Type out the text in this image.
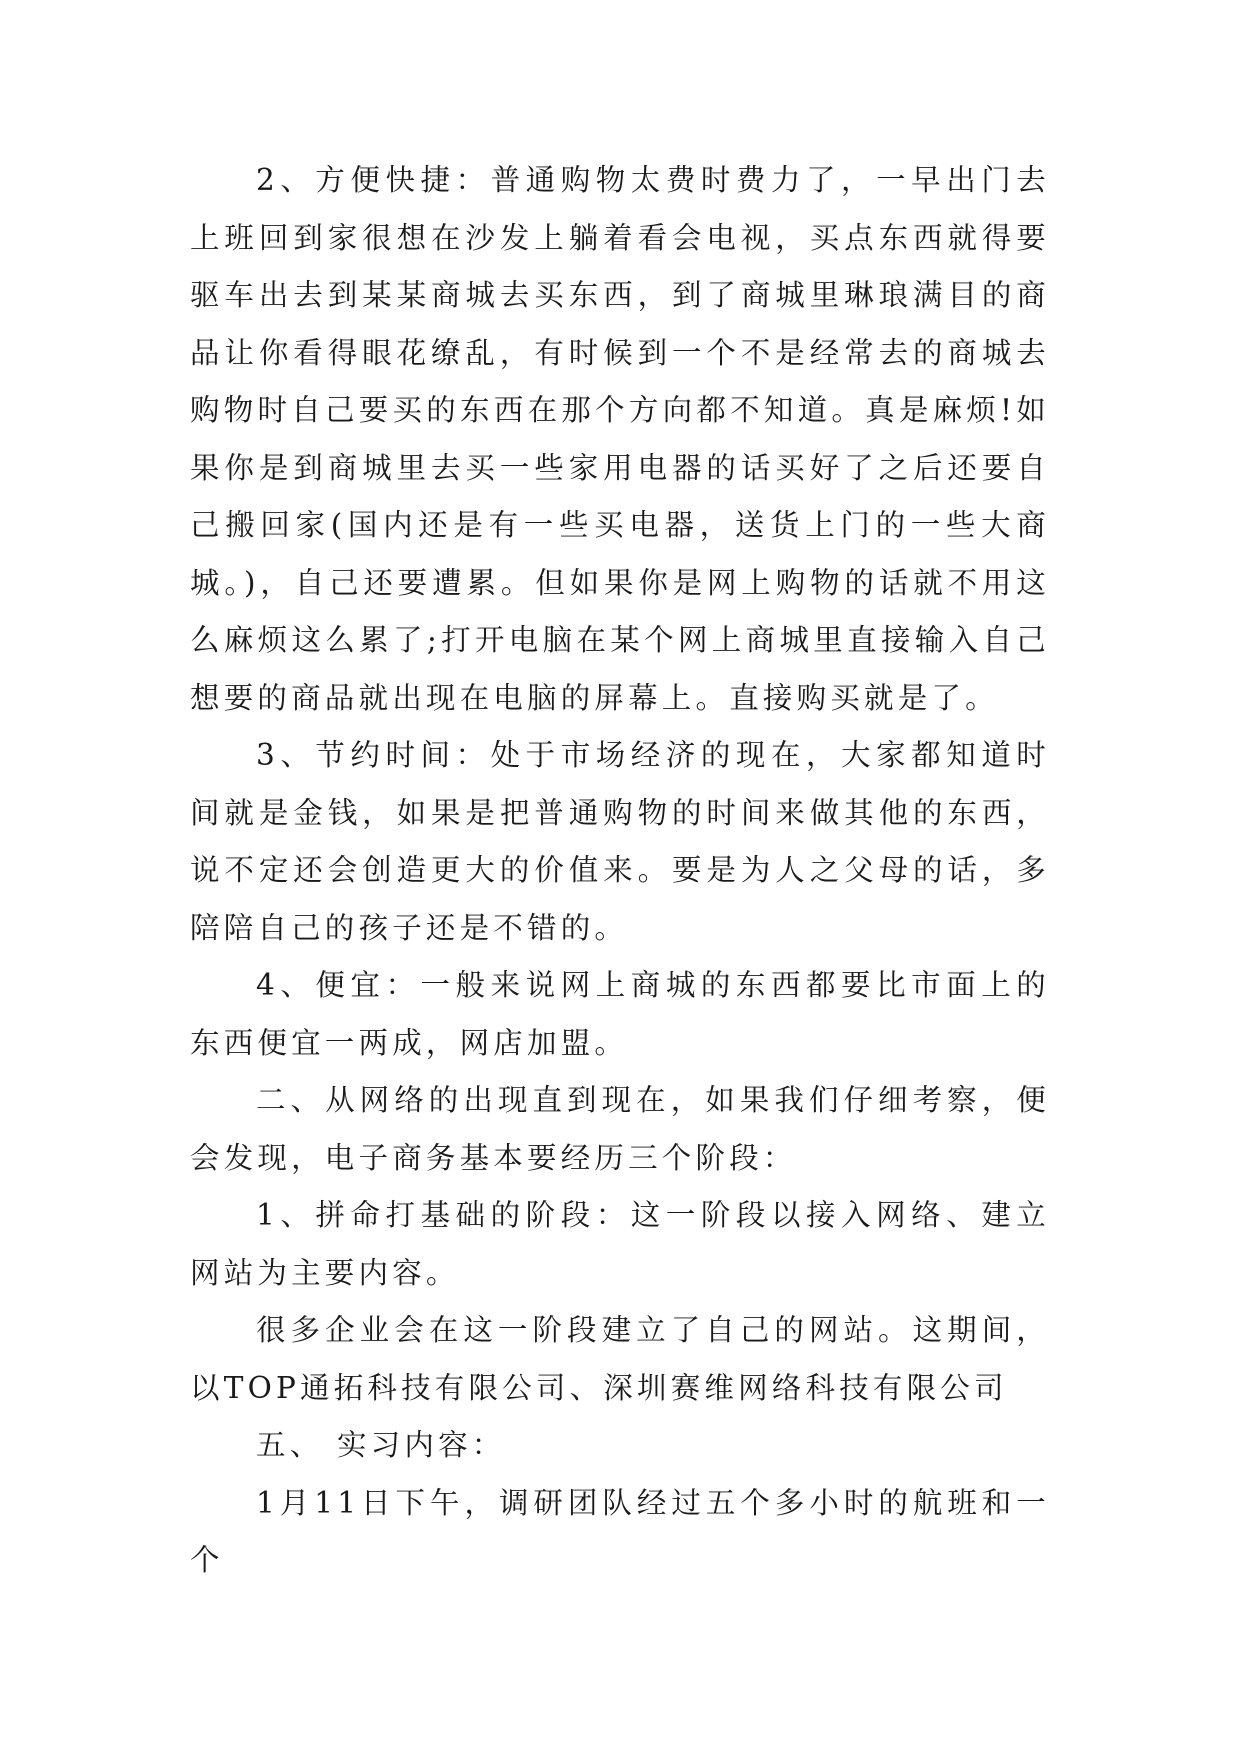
2、方便快捷：普通购物太费时费力了，一早出门去上班回到家很想在沙发上躺着看会电视，买点东西就得要驱车出去到某某商城去买东西，到了商城里琳琅满目的商品让你看得眼花缭乱，有时候到一个不是经常去的商城去购物时自己要买的东西在那个方向都不知道。真是麻烦!如果你是到商城里去买一些家用电器的话买好了之后还要自己搬回家(国内还是有一些买电器，送货上门的一些大商城。)，自己还要遭累。但如果你是网上购物的话就不用这么麻烦这么累了;打开电脑在某个网上商城里直接输入自己想要的商品就出现在电脑的屏幕上。直接购买就是了。

3、节约时间：处于市场经济的现在，大家都知道时间就是金钱，如果是把普通购物的时间来做其他的东西，说不定还会创造更大的价值来。要是为人之父母的话，多陪陪自己的孩子还是不错的。

4、便宜：一般来说网上商城的东西都要比市面上的东西便宜一两成，网店加盟。

二、从网络的出现直到现在，如果我们仔细考察，便会发现，电子商务基本要经历三个阶段：

1、拼命打基础的阶段：这一阶段以接入网络、建立网站为主要内容。

很多企业会在这一阶段建立了自己的网站。这期间，以TOP通拓科技有限公司、深圳赛维网络科技有限公司

五、 实习内容：

1月11日下午，调研团队经过五个多小时的航班和一个
